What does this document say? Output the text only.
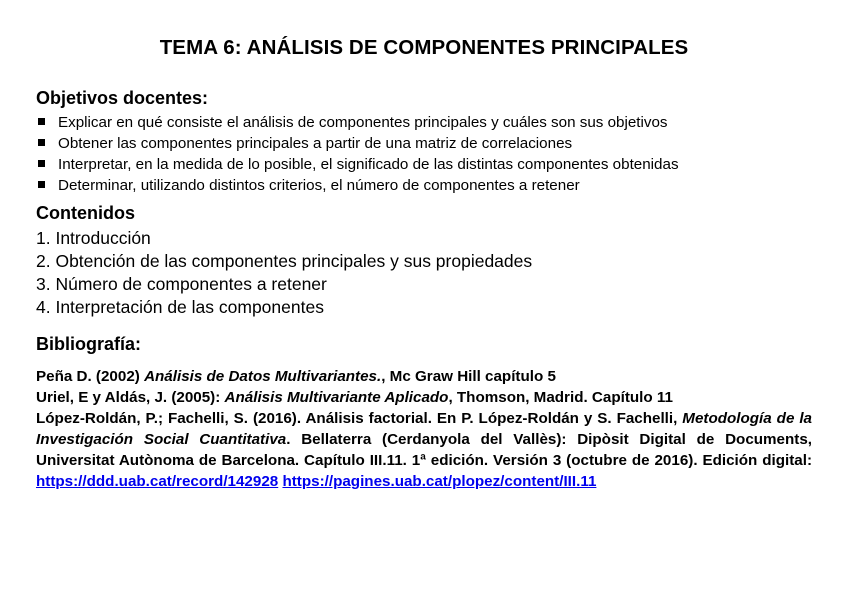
TEMA 6: ANÁLISIS DE COMPONENTES PRINCIPALES
Objetivos docentes:
Explicar en qué consiste el análisis de componentes principales y cuáles son sus objetivos
Obtener las componentes principales a partir de una matriz de correlaciones
Interpretar, en la medida de lo posible, el significado de las distintas componentes obtenidas
Determinar, utilizando distintos criterios, el número de componentes a retener
Contenidos
1. Introducción
2. Obtención de las componentes principales y sus propiedades
3. Número de componentes a retener
4. Interpretación de las componentes
Bibliografía:

Peña D. (2002) Análisis de Datos Multivariantes., Mc Graw Hill capítulo 5

Uriel, E y Aldás, J. (2005): Análisis Multivariante Aplicado, Thomson, Madrid. Capítulo 11

López-Roldán, P.; Fachelli, S. (2016). Análisis factorial. En P. López-Roldán y S. Fachelli, Metodología de la Investigación Social Cuantitativa. Bellaterra (Cerdanyola del Vallès): Dipòsit Digital de Documents, Universitat Autònoma de Barcelona. Capítulo III.11. 1ª edición. Versión 3 (octubre de 2016). Edición digital: https://ddd.uab.cat/record/142928 https://pagines.uab.cat/plopez/content/III.11
